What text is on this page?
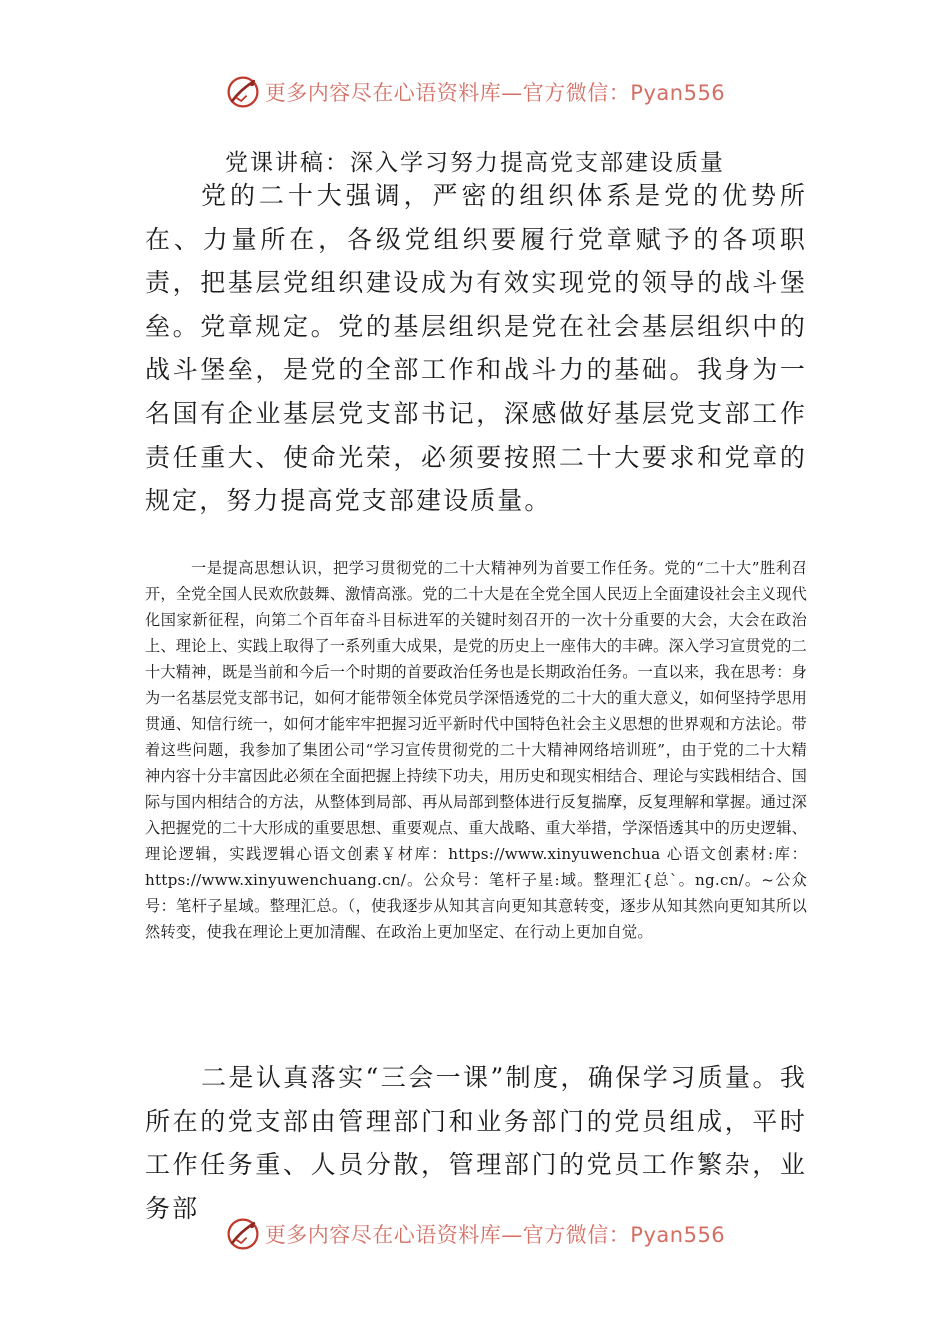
更多内容尽在心语资料库—官方微信：Pyan556
党课讲稿：深入学习努力提高党支部建设质量

党的二十大强调，严密的组织体系是党的优势所在、力量所在，各级党组织要履行党章赋予的各项职责，把基层党组织建设成为有效实现党的领导的战斗堡垒。党章规定。党的基层组织是党在社会基层组织中的战斗堡垒，是党的全部工作和战斗力的基础。我身为一名国有企业基层党支部书记，深感做好基层党支部工作责任重大、使命光荣，必须要按照二十大要求和党章的规定，努力提高党支部建设质量。

一是提高思想认识，把学习贯彻党的二十大精神列为首要工作任务。党的“二十大”胜利召开，全党全国人民欢欣鼓舞、激情高涨。党的二十大是在全党全国人民迈上全面建设社会主义现代化国家新征程，向第二个百年奋斗目标进军的关键时刻召开的一次十分重要的大会，大会在政治上、理论上、实践上取得了一系列重大成果，是党的历史上一座伟大的丰碑。深入学习宣贯党的二十大精神，既是当前和今后一个时期的首要政治任务也是长期政治任务。一直以来，我在思考：身为一名基层党支部书记，如何才能带领全体党员学深悟透党的二十大的重大意义，如何坚持学思用贯通、知信行统一，如何才能牢牢把握习近平新时代中国特色社会主义思想的世界观和方法论。带着这些问题，我参加了集团公司“学习宣传贯彻党的二十大精神网络培训班”，由于党的二十大精神内容十分丰富因此必须在全面把握上持续下功夫，用历史和现实相结合、理论与实践相结合、国际与国内相结合的方法，从整体到局部、再从局部到整体进行反复揣摩，反复理解和掌握。通过深入把握党的二十大形成的重要思想、重要观点、重大战略、重大举措，学深悟透其中的历史逻辑、理论逻辑，实践逻辑心语文创素￥材库：https://www.xinyuwenchua 心语文创素材:库：https://www.xinyuwenchuang.cn/。公众号：笔杆子星:域。整理汇{总`。ng.cn/。~公众号：笔杆子星域。整理汇总。（，使我逐步从知其言向更知其意转变，逐步从知其然向更知其所以然转变，使我在理论上更加清醒、在政治上更加坚定、在行动上更加自觉。

二是认真落实“三会一课”制度，确保学习质量。我所在的党支部由管理部门和业务部门的党员组成，平时工作任务重、人员分散，管理部门的党员工作繁杂，业务部

更多内容尽在心语资料库—官方微信：Pyan556
